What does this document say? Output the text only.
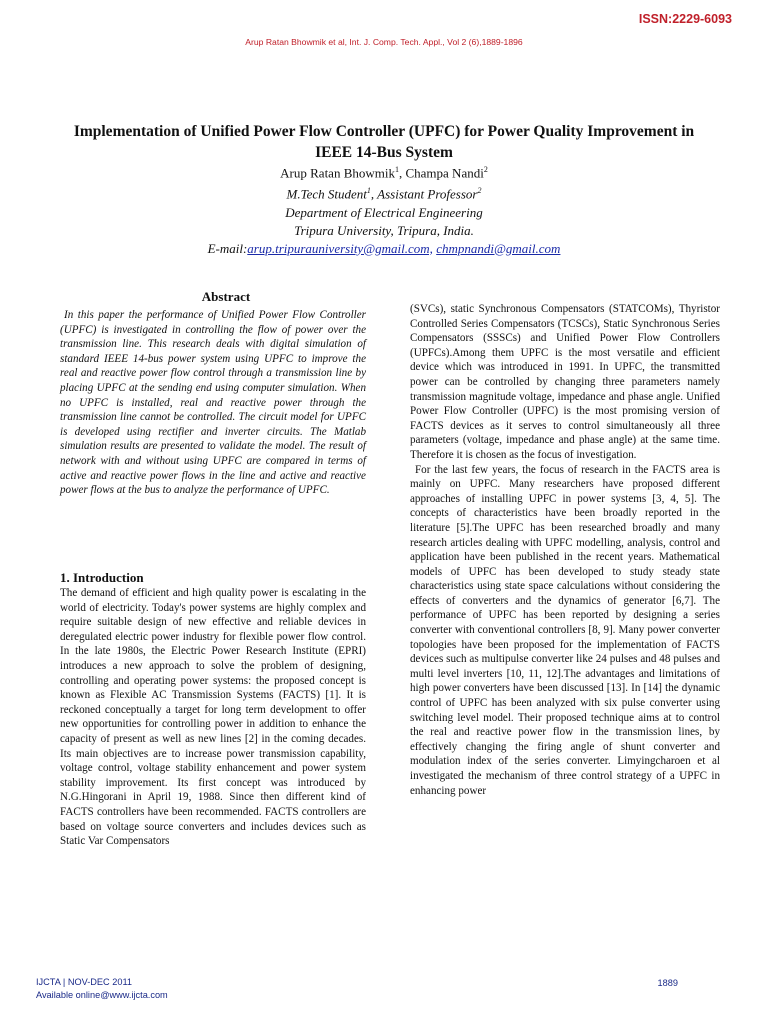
ISSN:2229-6093
Arup Ratan Bhowmik et al, Int. J. Comp. Tech. Appl., Vol 2 (6),1889-1896
Implementation of Unified Power Flow Controller (UPFC) for Power Quality Improvement in IEEE 14-Bus System
Arup Ratan Bhowmik$^1$, Champa Nandi$^2$
M.Tech Student$^1$, Assistant Professor$^2$
Department of Electrical Engineering
Tripura University, Tripura, India.
E-mail:arup.tripurauniversity@gmail.com, chmpnandi@gmail.com
Abstract
In this paper the performance of Unified Power Flow Controller (UPFC) is investigated in controlling the flow of power over the transmission line. This research deals with digital simulation of standard IEEE 14-bus power system using UPFC to improve the real and reactive power flow control through a transmission line by placing UPFC at the sending end using computer simulation. When no UPFC is installed, real and reactive power through the transmission line cannot be controlled. The circuit model for UPFC is developed using rectifier and inverter circuits. The Matlab simulation results are presented to validate the model. The result of network with and without using UPFC are compared in terms of active and reactive power flows in the line and active and reactive power flows at the bus to analyze the performance of UPFC.
1. Introduction
The demand of efficient and high quality power is escalating in the world of electricity. Today's power systems are highly complex and require suitable design of new effective and reliable devices in deregulated electric power industry for flexible power flow control. In the late 1980s, the Electric Power Research Institute (EPRI) introduces a new approach to solve the problem of designing, controlling and operating power systems: the proposed concept is known as Flexible AC Transmission Systems (FACTS) [1]. It is reckoned conceptually a target for long term development to offer new opportunities for controlling power in addition to enhance the capacity of present as well as new lines [2] in the coming decades. Its main objectives are to increase power transmission capability, voltage control, voltage stability enhancement and power system stability improvement. Its first concept was introduced by N.G.Hingorani in April 19, 1988. Since then different kind of FACTS controllers have been recommended. FACTS controllers are based on voltage source converters and includes devices such as Static Var Compensators

(SVCs), static Synchronous Compensators (STATCOMs), Thyristor Controlled Series Compensators (TCSCs), Static Synchronous Series Compensators (SSSCs) and Unified Power Flow Controllers (UPFCs).Among them UPFC is the most versatile and efficient device which was introduced in 1991. In UPFC, the transmitted power can be controlled by changing three parameters namely transmission magnitude voltage, impedance and phase angle. Unified Power Flow Controller (UPFC) is the most promising version of FACTS devices as it serves to control simultaneously all three parameters (voltage, impedance and phase angle) at the same time. Therefore it is chosen as the focus of investigation.

For the last few years, the focus of research in the FACTS area is mainly on UPFC. Many researchers have proposed different approaches of installing UPFC in power systems [3, 4, 5]. The concepts of characteristics have been broadly reported in the literature [5].The UPFC has been researched broadly and many research articles dealing with UPFC modelling, analysis, control and application have been published in the recent years. Mathematical models of UPFC has been developed to study steady state characteristics using state space calculations without considering the effects of converters and the dynamics of generator [6,7]. The performance of UPFC has been reported by designing a series converter with conventional controllers [8, 9]. Many power converter topologies have been proposed for the implementation of FACTS devices such as multipulse converter like 24 pulses and 48 pulses and multi level inverters [10, 11, 12].The advantages and limitations of high power converters have been discussed [13]. In [14] the dynamic control of UPFC has been analyzed with six pulse converter using switching level model. Their proposed technique aims at to control the real and reactive power flow in the transmission lines, by effectively changing the firing angle of shunt converter and modulation index of the series converter. Limyingcharoen et al investigated the mechanism of three control strategy of a UPFC in enhancing power

IJCTA | NOV-DEC 2011
Available online@www.ijcta.com
1889
